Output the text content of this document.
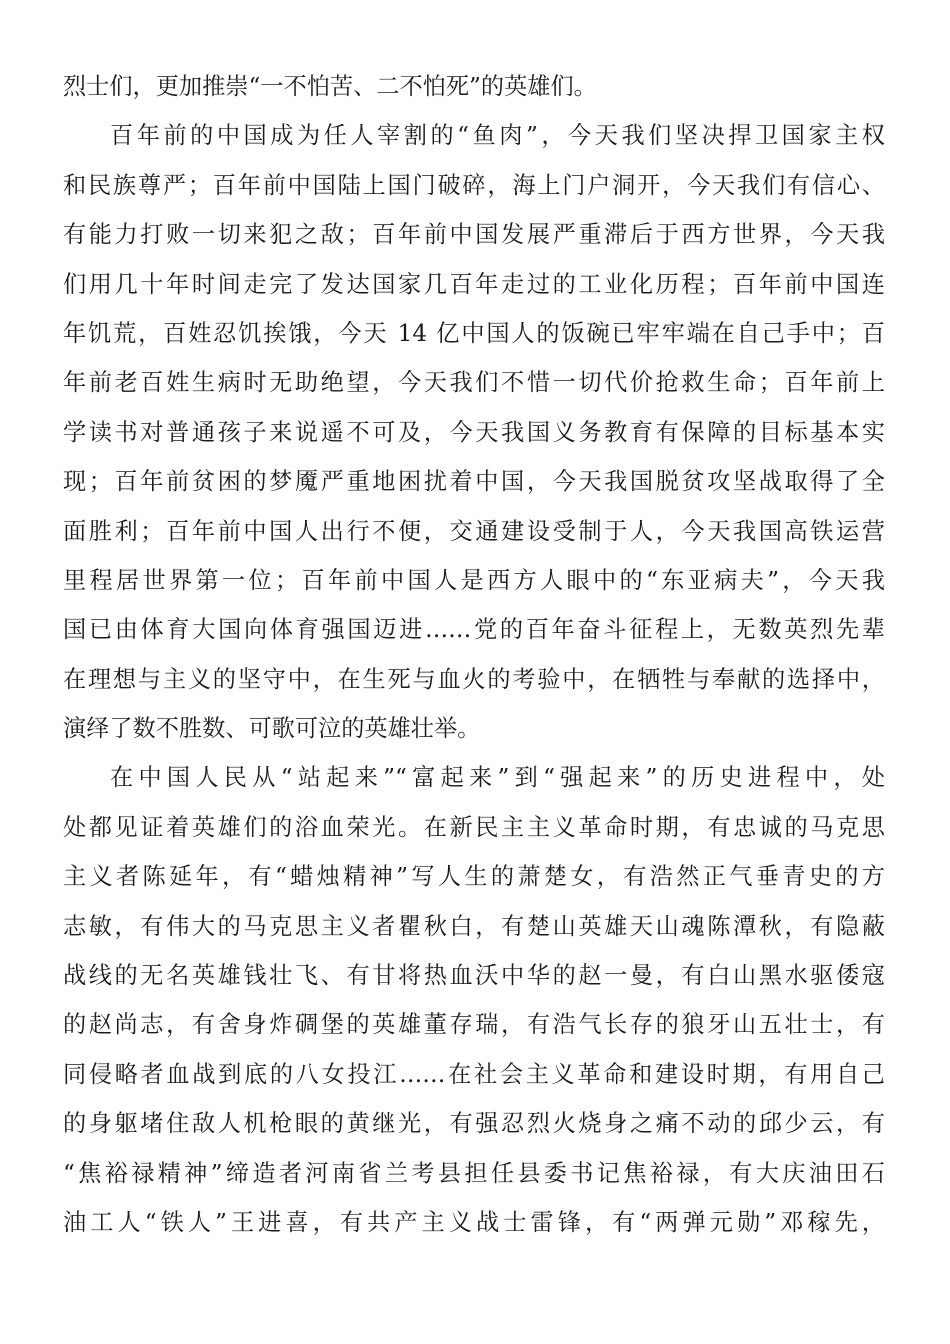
烈士们，更加推崇“一不怕苦、二不怕死”的英雄们。
百年前的中国成为任人宰割的“鱼肉”，今天我们坚决捍卫国家主权
和民族尊严；百年前中国陆上国门破碎，海上门户洞开，今天我们有信心、
有能力打败一切来犯之敌；百年前中国发展严重滞后于西方世界，今天我
们用几十年时间走完了发达国家几百年走过的工业化历程；百年前中国连
年饥荒，百姓忍饥挨饿，今天 14 亿中国人的饭碗已牢牢端在自己手中；百
年前老百姓生病时无助绝望，今天我们不惜一切代价抢救生命；百年前上
学读书对普通孩子来说遥不可及，今天我国义务教育有保障的目标基本实
现；百年前贫困的梦魇严重地困扰着中国，今天我国脱贫攻坚战取得了全
面胜利；百年前中国人出行不便，交通建设受制于人，今天我国高铁运营
里程居世界第一位；百年前中国人是西方人眼中的“东亚病夫”，今天我
国已由体育大国向体育强国迈进……党的百年奋斗征程上，无数英烈先辈
在理想与主义的坚守中，在生死与血火的考验中，在牺牲与奉献的选择中，
演绎了数不胜数、可歌可泣的英雄壮举。
在中国人民从“站起来”“富起来”到“强起来”的历史进程中，处
处都见证着英雄们的浴血荣光。在新民主主义革命时期，有忠诚的马克思
主义者陈延年，有“蜡烛精神”写人生的萧楚女，有浩然正气垂青史的方
志敏，有伟大的马克思主义者瞿秋白，有楚山英雄天山魂陈潭秋，有隐蔽
战线的无名英雄钱壮飞、有甘将热血沃中华的赵一曼，有白山黑水驱倭寇
的赵尚志，有舍身炸碉堡的英雄董存瑞，有浩气长存的狼牙山五壮士，有
同侵略者血战到底的八女投江……在社会主义革命和建设时期，有用自己
的身躯堵住敌人机枪眼的黄继光，有强忍烈火烧身之痛不动的邱少云，有
“焦裕禄精神”缔造者河南省兰考县担任县委书记焦裕禄，有大庆油田石
油工人“铁人”王进喜，有共产主义战士雷锋，有“两弹元勋”邓稼先，
